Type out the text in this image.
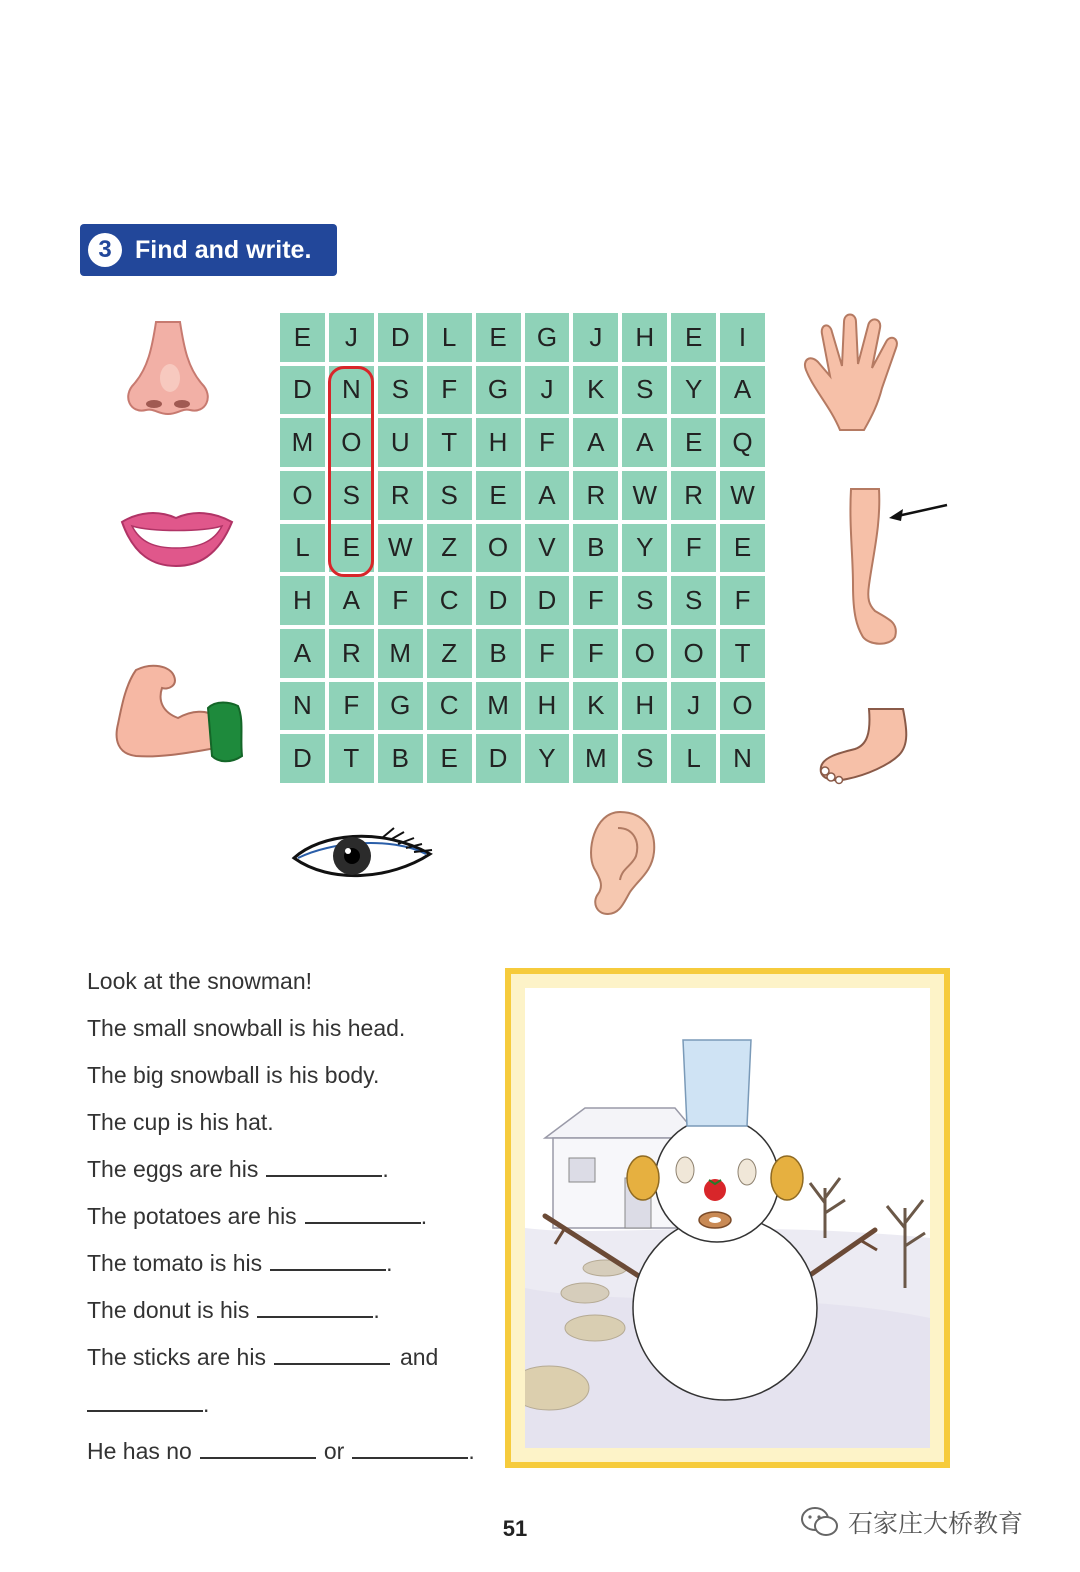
3 Find and write.
E	J	D	L	E	G	J	H	E	I
D	N	S	F	G	J	K	S	Y	A
M	O	U	T	H	F	A	A	E	Q
O	S	R	S	E	A	R	W	R	W
L	E	W	Z	O	V	B	Y	F	E
H	A	F	C	D	D	F	S	S	F
A	R	M	Z	B	F	F	O	O	T
N	F	G	C	M	H	K	H	J	O
D	T	B	E	D	Y	M	S	L	N
Look at the snowman!
The small snowball is his head.
The big snowball is his body.
The cup is his hat.
The eggs are his	.
The potatoes are his	.
The tomato is his	.
The donut is his	.
The sticks are his	and
.
He has no	or	.
51	石家庄大桥教育
